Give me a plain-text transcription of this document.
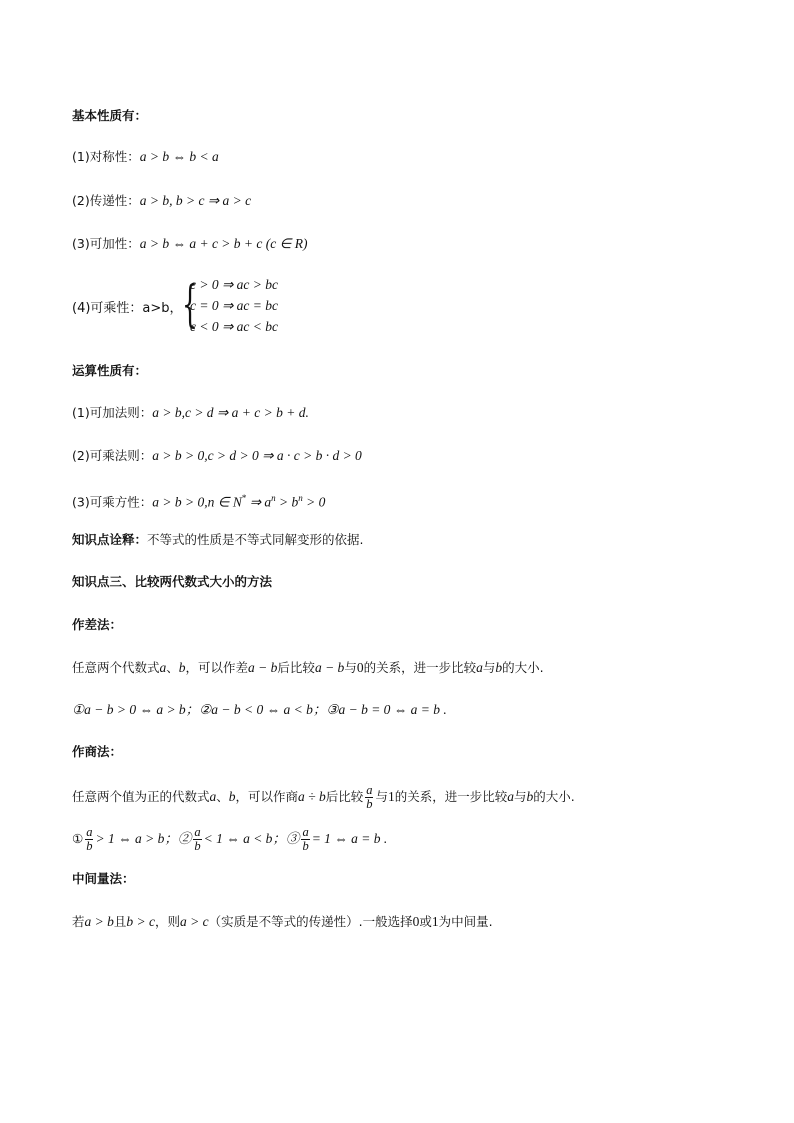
基本性质有：
(1)对称性：a > b ⇔ b < a
(2)传递性：a > b, b > c ⇒ a > c
(3)可加性：a > b ⇔ a + c > b + c (c ∈ R)
(4)可乘性：a>b， {
c > 0 ⇒ ac > bc
c = 0 ⇒ ac = bc
c < 0 ⇒ ac < bc
运算性质有：
(1)可加法则：a > b,c > d ⇒ a + c > b + d.
(2)可乘法则：a > b > 0,c > d > 0 ⇒ a · c > b · d > 0
(3)可乘方性：a > b > 0,n ∈ N* ⇒ $a^n > b^n > 0$
知识点诠释：不等式的性质是不等式同解变形的依据.
知识点三、比较两代数式大小的方法
作差法：
任意两个代数式a、b，可以作差a − b后比较a − b与0的关系，进一步比较a与b的大小.
①a − b > 0 ⇔ a > b；②a − b < 0 ⇔ a < b；③a − b = 0 ⇔ a = b .
作商法：
任意两个值为正的代数式a、b，可以作商a ÷ b后比较 $\frac{a}{b}$ 与1的关系，进一步比较a与b的大小.
① $\frac{a}{b} > 1$ ⇔ a > b；② $\frac{a}{b} < 1$ ⇔ a < b；③ $\frac{a}{b} = 1$ ⇔ a = b .
中间量法：
若a > b且b > c，则a > c（实质是不等式的传递性）.一般选择0或1为中间量.
